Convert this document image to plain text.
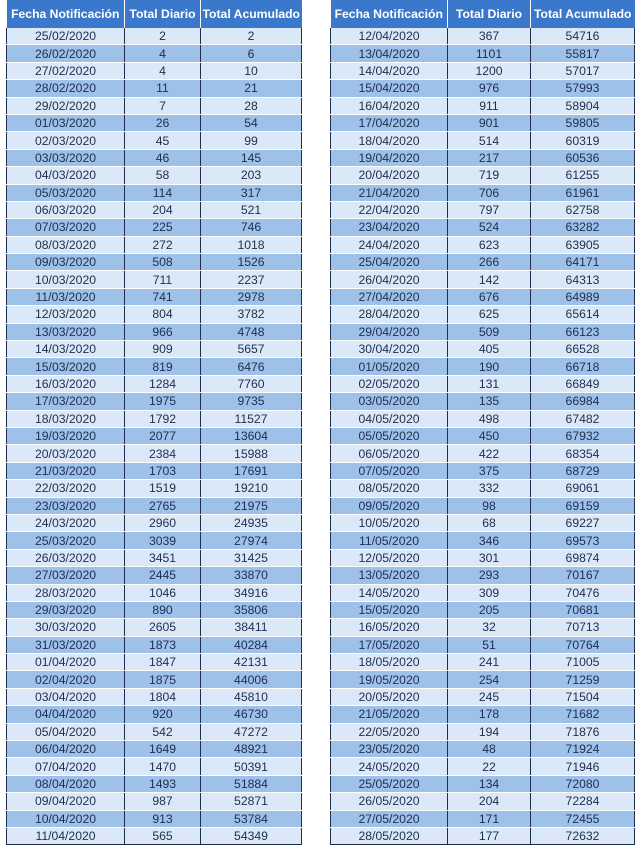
Fecha Notificación	Total Diario	Total Acumulado
25/02/2020	2	2
26/02/2020	4	6
27/02/2020	4	10
28/02/2020	11	21
29/02/2020	7	28
01/03/2020	26	54
02/03/2020	45	99
03/03/2020	46	145
04/03/2020	58	203
05/03/2020	114	317
06/03/2020	204	521
07/03/2020	225	746
08/03/2020	272	1018
09/03/2020	508	1526
10/03/2020	711	2237
11/03/2020	741	2978
12/03/2020	804	3782
13/03/2020	966	4748
14/03/2020	909	5657
15/03/2020	819	6476
16/03/2020	1284	7760
17/03/2020	1975	9735
18/03/2020	1792	11527
19/03/2020	2077	13604
20/03/2020	2384	15988
21/03/2020	1703	17691
22/03/2020	1519	19210
23/03/2020	2765	21975
24/03/2020	2960	24935
25/03/2020	3039	27974
26/03/2020	3451	31425
27/03/2020	2445	33870
28/03/2020	1046	34916
29/03/2020	890	35806
30/03/2020	2605	38411
31/03/2020	1873	40284
01/04/2020	1847	42131
02/04/2020	1875	44006
03/04/2020	1804	45810
04/04/2020	920	46730
05/04/2020	542	47272
06/04/2020	1649	48921
07/04/2020	1470	50391
08/04/2020	1493	51884
09/04/2020	987	52871
10/04/2020	913	53784
11/04/2020	565	54349
Fecha Notificación	Total Diario	Total Acumulado
12/04/2020	367	54716
13/04/2020	1101	55817
14/04/2020	1200	57017
15/04/2020	976	57993
16/04/2020	911	58904
17/04/2020	901	59805
18/04/2020	514	60319
19/04/2020	217	60536
20/04/2020	719	61255
21/04/2020	706	61961
22/04/2020	797	62758
23/04/2020	524	63282
24/04/2020	623	63905
25/04/2020	266	64171
26/04/2020	142	64313
27/04/2020	676	64989
28/04/2020	625	65614
29/04/2020	509	66123
30/04/2020	405	66528
01/05/2020	190	66718
02/05/2020	131	66849
03/05/2020	135	66984
04/05/2020	498	67482
05/05/2020	450	67932
06/05/2020	422	68354
07/05/2020	375	68729
08/05/2020	332	69061
09/05/2020	98	69159
10/05/2020	68	69227
11/05/2020	346	69573
12/05/2020	301	69874
13/05/2020	293	70167
14/05/2020	309	70476
15/05/2020	205	70681
16/05/2020	32	70713
17/05/2020	51	70764
18/05/2020	241	71005
19/05/2020	254	71259
20/05/2020	245	71504
21/05/2020	178	71682
22/05/2020	194	71876
23/05/2020	48	71924
24/05/2020	22	71946
25/05/2020	134	72080
26/05/2020	204	72284
27/05/2020	171	72455
28/05/2020	177	72632
